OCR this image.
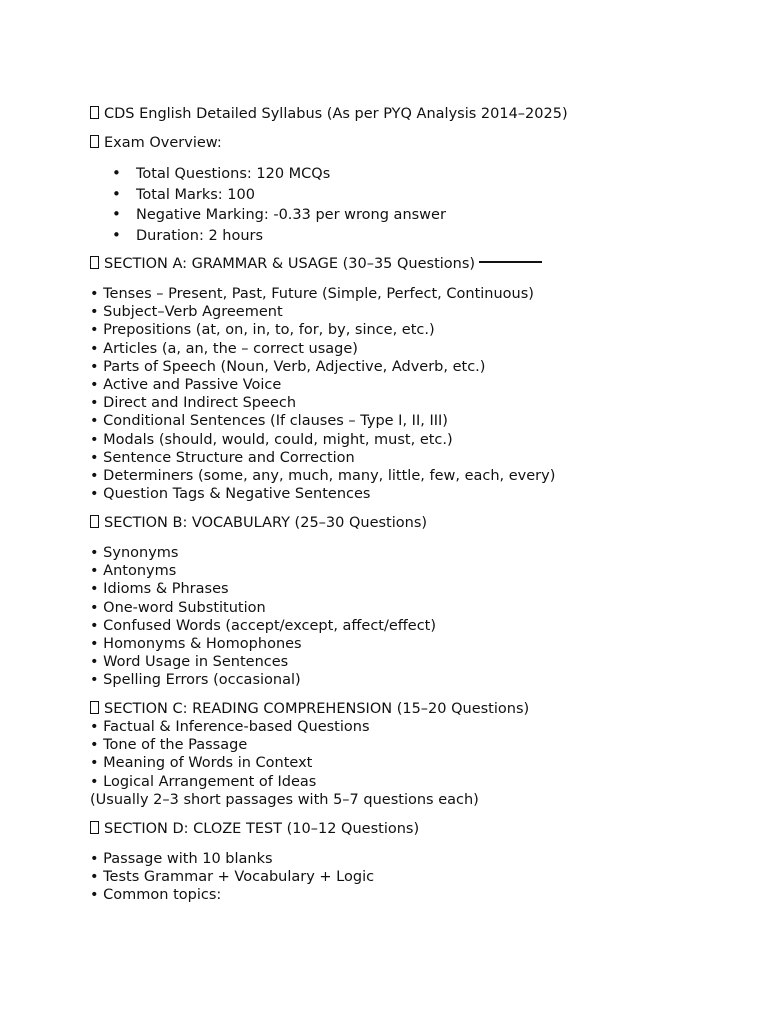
CDS English Detailed Syllabus (As per PYQ Analysis 2014–2025)
Exam Overview:
• Total Questions: 120 MCQs
• Total Marks: 100
• Negative Marking: -0.33 per wrong answer
• Duration: 2 hours
SECTION A: GRAMMAR & USAGE (30–35 Questions)
• Tenses – Present, Past, Future (Simple, Perfect, Continuous)
• Subject–Verb Agreement
• Prepositions (at, on, in, to, for, by, since, etc.)
• Articles (a, an, the – correct usage)
• Parts of Speech (Noun, Verb, Adjective, Adverb, etc.)
• Active and Passive Voice
• Direct and Indirect Speech
• Conditional Sentences (If clauses – Type I, II, III)
• Modals (should, would, could, might, must, etc.)
• Sentence Structure and Correction
• Determiners (some, any, much, many, little, few, each, every)
• Question Tags & Negative Sentences
SECTION B: VOCABULARY (25–30 Questions)
• Synonyms
• Antonyms
• Idioms & Phrases
• One-word Substitution
• Confused Words (accept/except, affect/effect)
• Homonyms & Homophones
• Word Usage in Sentences
• Spelling Errors (occasional)
SECTION C: READING COMPREHENSION (15–20 Questions)
• Factual & Inference-based Questions
• Tone of the Passage
• Meaning of Words in Context
• Logical Arrangement of Ideas
(Usually 2–3 short passages with 5–7 questions each)
SECTION D: CLOZE TEST (10–12 Questions)
• Passage with 10 blanks
• Tests Grammar + Vocabulary + Logic
• Common topics:
